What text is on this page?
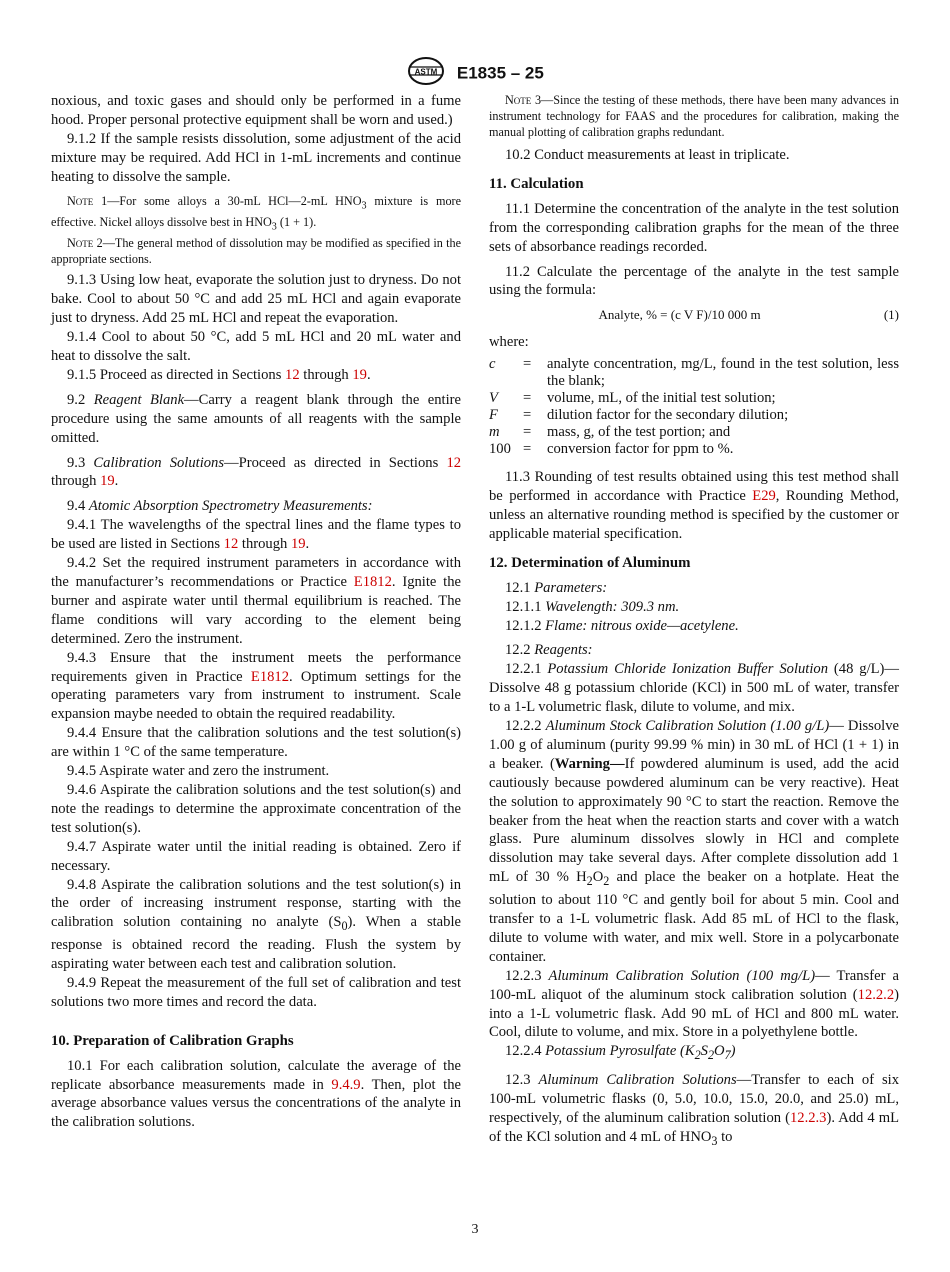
ASTM E1835 – 25

noxious, and toxic gases and should only be performed in a fume hood. Proper personal protective equipment shall be worn and used.)

9.1.2 If the sample resists dissolution, some adjustment of the acid mixture may be required. Add HCl in 1-mL increments and continue heating to dissolve the sample.

Note 1—For some alloys a 30-mL HCl—2-mL $HNO_3$ mixture is more effective. Nickel alloys dissolve best in $HNO_3$ (1 + 1).

Note 2—The general method of dissolution may be modified as specified in the appropriate sections.

9.1.3 Using low heat, evaporate the solution just to dryness. Do not bake. Cool to about 50 °C and add 25 mL HCl and again evaporate just to dryness. Add 25 mL HCl and repeat the evaporation.

9.1.4 Cool to about 50 °C, add 5 mL HCl and 20 mL water and heat to dissolve the salt.

9.1.5 Proceed as directed in Sections 12 through 19.

9.2 Reagent Blank—Carry a reagent blank through the entire procedure using the same amounts of all reagents with the sample omitted.

9.3 Calibration Solutions—Proceed as directed in Sections 12 through 19.

9.4 Atomic Absorption Spectrometry Measurements:

9.4.1 The wavelengths of the spectral lines and the flame types to be used are listed in Sections 12 through 19.

9.4.2 Set the required instrument parameters in accordance with the manufacturer’s recommendations or Practice E1812. Ignite the burner and aspirate water until thermal equilibrium is reached. The flame conditions will vary according to the element being determined. Zero the instrument.

9.4.3 Ensure that the instrument meets the performance requirements given in Practice E1812. Optimum settings for the operating parameters vary from instrument to instrument. Scale expansion maybe needed to obtain the required readability.

9.4.4 Ensure that the calibration solutions and the test solution(s) are within 1 °C of the same temperature.

9.4.5 Aspirate water and zero the instrument.

9.4.6 Aspirate the calibration solutions and the test solution(s) and note the readings to determine the approximate concentration of the test solution(s).

9.4.7 Aspirate water until the initial reading is obtained. Zero if necessary.

9.4.8 Aspirate the calibration solutions and the test solution(s) in the order of increasing instrument response, starting with the calibration solution containing no analyte $(S_0)$. When a stable response is obtained record the reading. Flush the system by aspirating water between each test and calibration solution.

9.4.9 Repeat the measurement of the full set of calibration and test solutions two more times and record the data.

10. Preparation of Calibration Graphs

10.1 For each calibration solution, calculate the average of the replicate absorbance measurements made in 9.4.9. Then, plot the average absorbance values versus the concentrations of the analyte in the calibration solutions.

Note 3—Since the testing of these methods, there have been many advances in instrument technology for FAAS and the procedures for calibration, making the manual plotting of calibration graphs redundant.

10.2 Conduct measurements at least in triplicate.

11. Calculation

11.1 Determine the concentration of the analyte in the test solution from the corresponding calibration graphs for the mean of the three sets of absorbance readings recorded.

11.2 Calculate the percentage of the analyte in the test sample using the formula:

Analyte, % = (c V F)/10 000 m	(1)

where:

c	=	analyte concentration, mg/L, found in the test solution, less the blank;
V	=	volume, mL, of the initial test solution;
F	=	dilution factor for the secondary dilution;
m	=	mass, g, of the test portion; and
100	=	conversion factor for ppm to %.

11.3 Rounding of test results obtained using this test method shall be performed in accordance with Practice E29, Rounding Method, unless an alternative rounding method is specified by the customer or applicable material specification.

12. Determination of Aluminum

12.1 Parameters:

12.1.1 Wavelength: 309.3 nm.

12.1.2 Flame: nitrous oxide—acetylene.

12.2 Reagents:

12.2.1 Potassium Chloride Ionization Buffer Solution (48 g/L)—Dissolve 48 g potassium chloride (KCl) in 500 mL of water, transfer to a 1-L volumetric flask, dilute to volume, and mix.

12.2.2 Aluminum Stock Calibration Solution (1.00 g/L)— Dissolve 1.00 g of aluminum (purity 99.99 % min) in 30 mL of HCl (1 + 1) in a beaker. (Warning—If powdered aluminum is used, add the acid cautiously because powdered aluminum can be very reactive). Heat the solution to approximately 90 °C to start the reaction. Remove the beaker from the heat when the reaction starts and cover with a watch glass. Pure aluminum dissolves slowly in HCl and complete dissolution may take several days. After complete dissolution add 1 mL of 30 % $H_2O_2$ and place the beaker on a hotplate. Heat the solution to about 110 °C and gently boil for about 5 min. Cool and transfer to a 1-L volumetric flask. Add 85 mL of HCl to the flask, dilute to volume with water, and mix well. Store in a polycarbonate container.

12.2.3 Aluminum Calibration Solution (100 mg/L)— Transfer a 100-mL aliquot of the aluminum stock calibration solution (12.2.2) into a 1-L volumetric flask. Add 90 mL of HCl and 800 mL water. Cool, dilute to volume, and mix. Store in a polyethylene bottle.

12.2.4 Potassium Pyrosulfate $(K_2S_2O_7)$

12.3 Aluminum Calibration Solutions—Transfer to each of six 100-mL volumetric flasks (0, 5.0, 10.0, 15.0, 20.0, and 25.0) mL, respectively, of the aluminum calibration solution (12.2.3). Add 4 mL of the KCl solution and 4 mL of $HNO_3$ to

3
